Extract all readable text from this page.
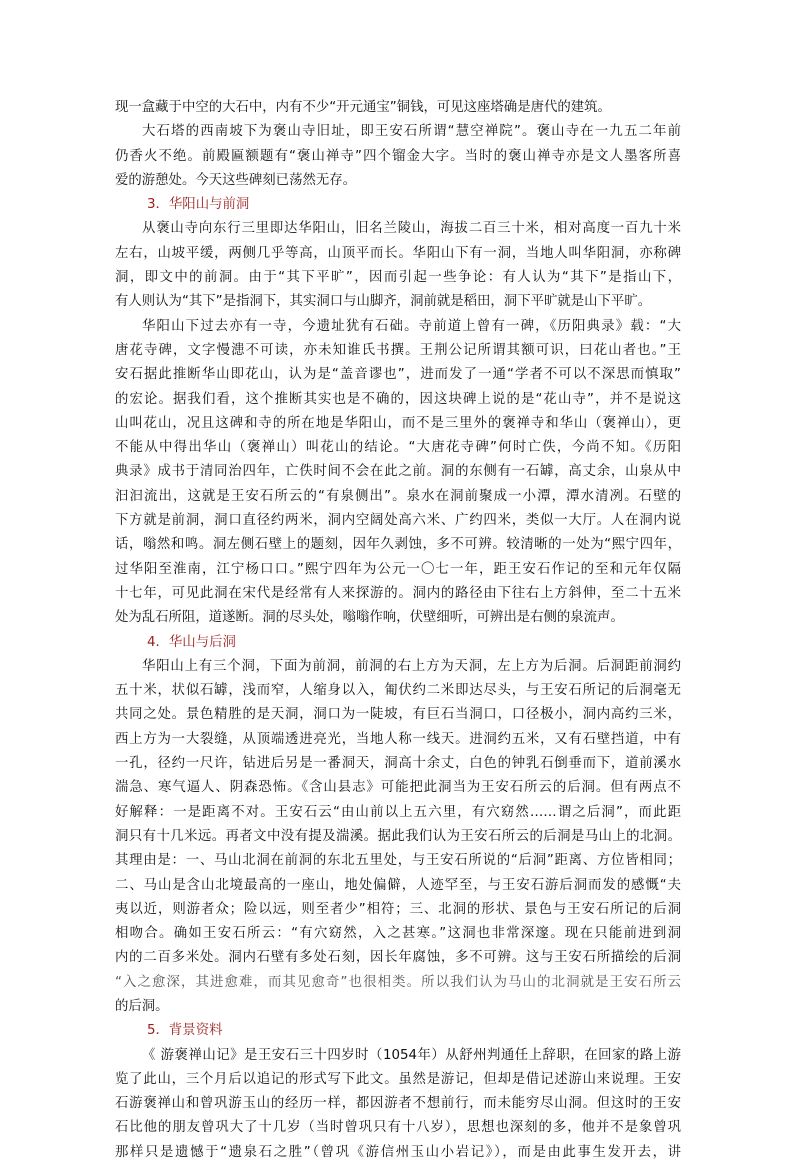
现一盒藏于中空的大石中，内有不少“开元通宝”铜钱，可见这座塔确是唐代的建筑。

大石塔的西南坡下为褒山寺旧址，即王安石所谓“慧空禅院”。褒山寺在一九五二年前

仍香火不绝。前殿匾额题有“褒山禅寺”四个镏金大字。当时的褒山禅寺亦是文人墨客所喜

爱的游憩处。今天这些碑刻已荡然无存。

3．华阳山与前洞

从褒山寺向东行三里即达华阳山，旧名兰陵山，海拔二百三十米，相对高度一百九十米

左右，山坡平缓，两侧几乎等高，山顶平而长。华阳山下有一洞，当地人叫华阳洞，亦称碑

洞，即文中的前洞。由于“其下平旷”，因而引起一些争论：有人认为“其下”是指山下，

有人则认为“其下”是指洞下，其实洞口与山脚齐，洞前就是稻田，洞下平旷就是山下平旷。

华阳山下过去亦有一寺，今遗址犹有石础。寺前道上曾有一碑，《历阳典录》载：“大

唐花寺碑，文字慢漶不可读，亦未知谁氏书撰。王荆公记所谓其额可识，曰花山者也。”王

安石据此推断华山即花山，认为是“盖音谬也”，进而发了一通“学者不可以不深思而慎取”

的宏论。据我们看，这个推断其实也是不确的，因这块碑上说的是“花山寺”，并不是说这

山叫花山，况且这碑和寺的所在地是华阳山，而不是三里外的褒禅寺和华山（褒禅山），更

不能从中得出华山（褒禅山）叫花山的结论。“大唐花寺碑”何时亡佚，今尚不知。《历阳

典录》成书于清同治四年，亡佚时间不会在此之前。洞的东侧有一石罅，高丈余，山泉从中

汩汩流出，这就是王安石所云的“有泉侧出”。泉水在洞前聚成一小潭，潭水清冽。石壁的

下方就是前洞，洞口直径约两米，洞内空阔处高六米、广约四米，类似一大厅。人在洞内说

话，嗡然和鸣。洞左侧石壁上的题刻，因年久剥蚀，多不可辨。较清晰的一处为“熙宁四年，

过华阳至淮南，江宁杨口口。”熙宁四年为公元一〇七一年，距王安石作记的至和元年仅隔

十七年，可见此洞在宋代是经常有人来探游的。洞内的路径由下往右上方斜伸，至二十五米

处为乱石所阻，道遂断。洞的尽头处，嗡嗡作响，伏壁细听，可辨出是右侧的泉流声。

4．华山与后洞

华阳山上有三个洞，下面为前洞，前洞的右上方为天洞，左上方为后洞。后洞距前洞约

五十米，状似石罅，浅而窄，人缩身以入，匍伏约二米即达尽头，与王安石所记的后洞毫无

共同之处。景色精胜的是天洞，洞口为一陡坡，有巨石当洞口，口径极小，洞内高约三米，

西上方为一大裂缝，从顶端透进亮光，当地人称一线天。进洞约五米，又有石壁挡道，中有

一孔，径约一尺许，钻进后另是一番洞天，洞高十余丈，白色的钟乳石倒垂而下，道前溪水

湍急、寒气逼人、阴森恐怖。《含山县志》可能把此洞当为王安石所云的后洞。但有两点不

好解释：一是距离不对。王安石云“由山前以上五六里，有穴窈然……谓之后洞”，而此距

洞只有十几米远。再者文中没有提及湍溪。据此我们认为王安石所云的后洞是马山上的北洞。

其理由是：一、马山北洞在前洞的东北五里处，与王安石所说的“后洞”距离、方位皆相同；

二、马山是含山北境最高的一座山，地处偏僻，人迹罕至，与王安石游后洞而发的感慨“夫

夷以近，则游者众；险以远，则至者少”相符；三、北洞的形状、景色与王安石所记的后洞

相吻合。确如王安石所云：“有穴窈然，入之甚寒。”这洞也非常深邃。现在只能前进到洞

内的二百多米处。洞内石壁有多处石刻，因长年腐蚀，多不可辨。这与王安石所描绘的后洞

“入之愈深，其进愈难，而其见愈奇”也很相类。所以我们认为马山的北洞就是王安石所云

的后洞。

5．背景资料

《 游褒禅山记》是王安石三十四岁时（1054年）从舒州判通任上辞职，在回家的路上游

览了此山，三个月后以追记的形式写下此文。虽然是游记，但却是借记述游山来说理。王安

石游褒禅山和曾巩游玉山的经历一样，都因游者不想前行，而未能穷尽山洞。但这时的王安

石比他的朋友曾巩大了十几岁（当时曾巩只有十八岁），思想也深刻的多，他并不是象曾巩

那样只是遗憾于“遗泉石之胜”（曾巩《游信州玉山小岩记》），而是由此事生发开去，讲
